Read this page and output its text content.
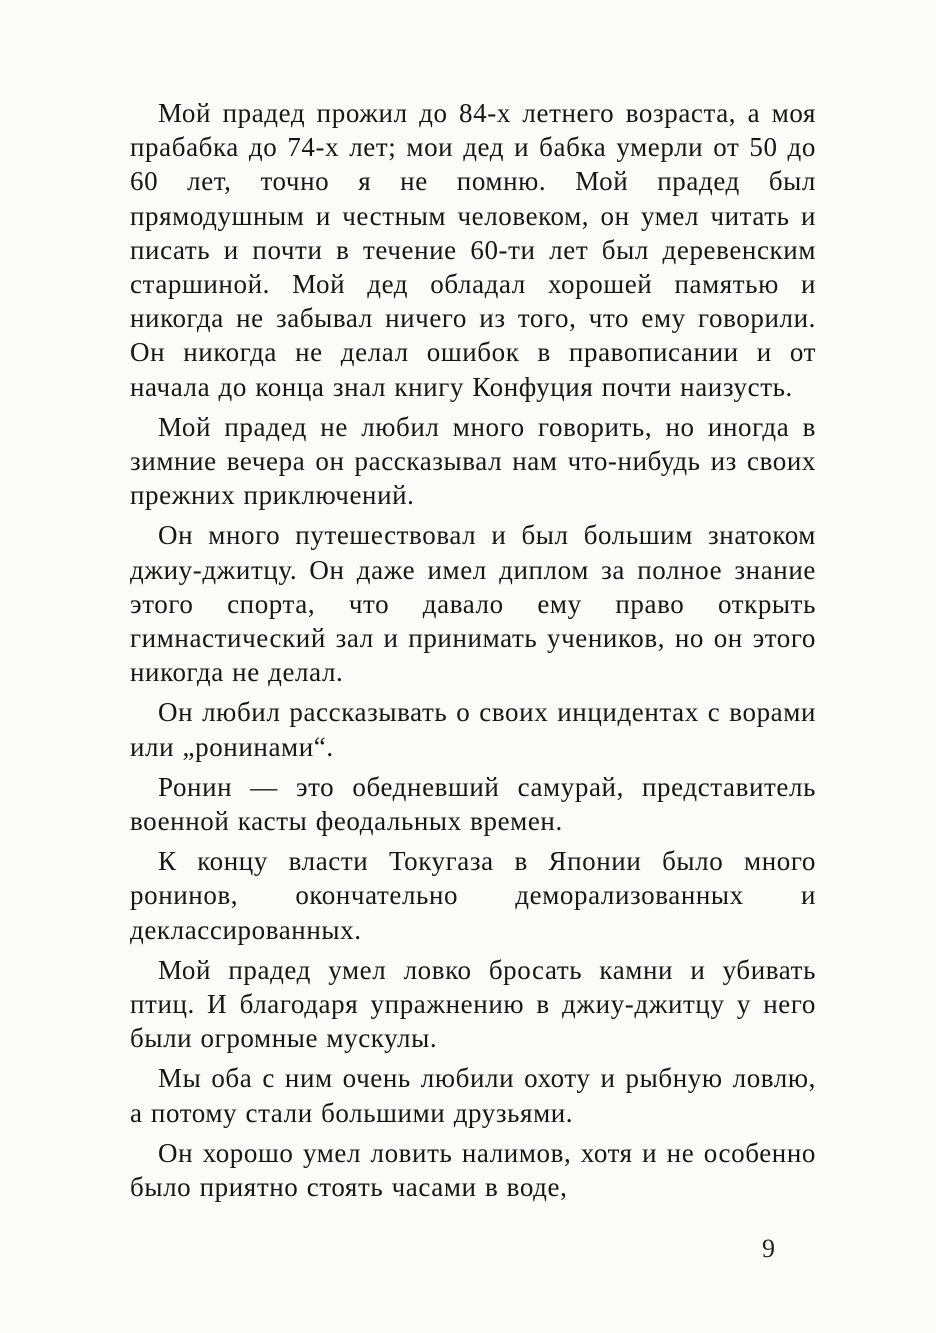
Мой прадед прожил до 84-х летнего возраста, а моя прабабка до 74-х лет; мои дед и бабка умерли от 50 до 60 лет, точно я не помню. Мой прадед был прямодушным и честным человеком, он умел читать и писать и почти в течение 60-ти лет был деревенским старшиной. Мой дед обладал хорошей памятью и никогда не забывал ничего из того, что ему говорили. Он никогда не делал ошибок в правописании и от начала до конца знал книгу Конфуция почти наизусть.

Мой прадед не любил много говорить, но иногда в зимние вечера он рассказывал нам что-нибудь из своих прежних приключений.

Он много путешествовал и был большим знатоком джиу-джитцу. Он даже имел диплом за полное знание этого спорта, что давало ему право открыть гимнастический зал и принимать учеников, но он этого никогда не делал.

Он любил рассказывать о своих инцидентах с ворами или „ронинами“.

Ронин — это обедневший самурай, представитель военной касты феодальных времен.

К концу власти Токугаза в Японии было много ронинов, окончательно деморализованных и деклассированных.

Мой прадед умел ловко бросать камни и убивать птиц. И благодаря упражнению в джиу-джитцу у него были огромные мускулы.

Мы оба с ним очень любили охоту и рыбную ловлю, а потому стали большими друзьями.

Он хорошо умел ловить налимов, хотя и не особенно было приятно стоять часами в воде,

9
